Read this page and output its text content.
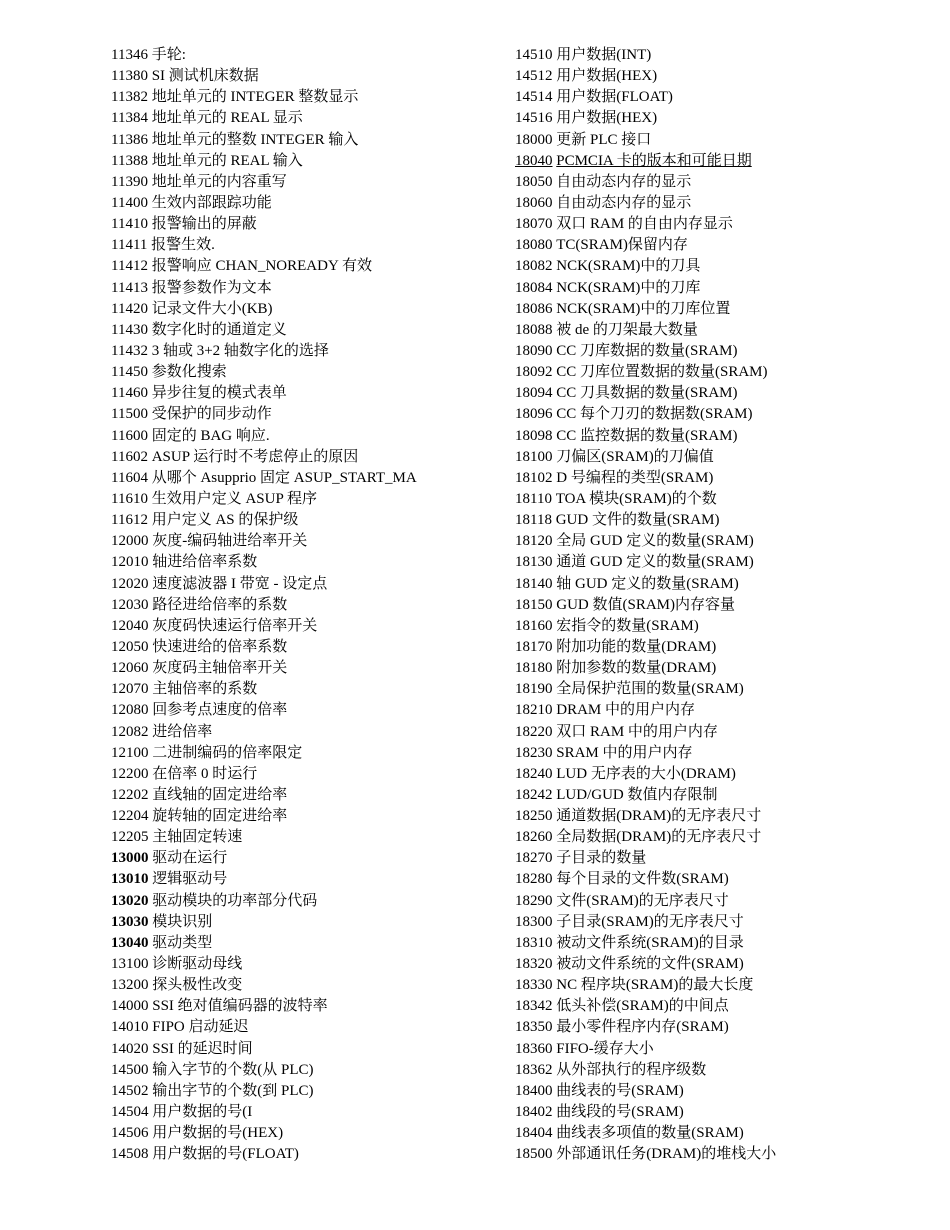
11346 手轮:
11380 SI 测试机床数据
11382 地址单元的 INTEGER 整数显示
11384 地址单元的 REAL 显示
11386 地址单元的整数 INTEGER 输入
11388 地址单元的 REAL 输入
11390 地址单元的内容重写
11400 生效内部跟踪功能
11410 报警输出的屏蔽
11411 报警生效.
11412 报警响应 CHAN_NOREADY 有效
11413 报警参数作为文本
11420 记录文件大小(KB)
11430 数字化时的通道定义
11432 3 轴或 3+2 轴数字化的选择
11450 参数化搜索
11460 异步往复的模式表单
11500 受保护的同步动作
11600 固定的 BAG 响应.
11602 ASUP 运行时不考虑停止的原因
11604 从哪个 Asupprio 固定 ASUP_START_MA
11610 生效用户定义 ASUP 程序
11612 用户定义 AS 的保护级
12000 灰度-编码轴进给率开关
12010 轴进给倍率系数
12020 速度滤波器 I 带宽 - 设定点
12030 路径进给倍率的系数
12040 灰度码快速运行倍率开关
12050 快速进给的倍率系数
12060 灰度码主轴倍率开关
12070 主轴倍率的系数
12080 回参考点速度的倍率
12082 进给倍率
12100 二进制编码的倍率限定
12200 在倍率 0 时运行
12202 直线轴的固定进给率
12204 旋转轴的固定进给率
12205 主轴固定转速
13000 驱动在运行
13010 逻辑驱动号
13020 驱动模块的功率部分代码
13030 模块识别
13040 驱动类型
13100 诊断驱动母线
13200 探头极性改变
14000 SSI 绝对值编码器的波特率
14010 FIPO 启动延迟
14020 SSI 的延迟时间
14500 输入字节的个数(从 PLC)
14502 输出字节的个数(到 PLC)
14504 用户数据的号(I
14506 用户数据的号(HEX)
14508 用户数据的号(FLOAT)
14510 用户数据(INT)
14512 用户数据(HEX)
14514 用户数据(FLOAT)
14516 用户数据(HEX)
18000 更新 PLC 接口
18040 PCMCIA 卡的版本和可能日期
18050 自由动态内存的显示
18060 自由动态内存的显示
18070 双口 RAM 的自由内存显示
18080 TC(SRAM)保留内存
18082 NCK(SRAM)中的刀具
18084 NCK(SRAM)中的刀库
18086 NCK(SRAM)中的刀库位置
18088 被 de 的刀架最大数量
18090 CC 刀库数据的数量(SRAM)
18092 CC 刀库位置数据的数量(SRAM)
18094 CC 刀具数据的数量(SRAM)
18096 CC 每个刀刃的数据数(SRAM)
18098 CC 监控数据的数量(SRAM)
18100 刀偏区(SRAM)的刀偏值
18102 D 号编程的类型(SRAM)
18110 TOA 模块(SRAM)的个数
18118 GUD 文件的数量(SRAM)
18120 全局 GUD 定义的数量(SRAM)
18130 通道 GUD 定义的数量(SRAM)
18140 轴 GUD 定义的数量(SRAM)
18150 GUD 数值(SRAM)内存容量
18160 宏指令的数量(SRAM)
18170 附加功能的数量(DRAM)
18180 附加参数的数量(DRAM)
18190 全局保护范围的数量(SRAM)
18210 DRAM 中的用户内存
18220 双口 RAM 中的用户内存
18230 SRAM 中的用户内存
18240 LUD 无序表的大小(DRAM)
18242 LUD/GUD 数值内存限制
18250 通道数据(DRAM)的无序表尺寸
18260 全局数据(DRAM)的无序表尺寸
18270 子目录的数量
18280 每个目录的文件数(SRAM)
18290 文件(SRAM)的无序表尺寸
18300 子目录(SRAM)的无序表尺寸
18310 被动文件系统(SRAM)的目录
18320 被动文件系统的文件(SRAM)
18330 NC 程序块(SRAM)的最大长度
18342 低头补偿(SRAM)的中间点
18350 最小零件程序内存(SRAM)
18360 FIFO-缓存大小
18362 从外部执行的程序级数
18400 曲线表的号(SRAM)
18402 曲线段的号(SRAM)
18404 曲线表多项值的数量(SRAM)
18500 外部通讯任务(DRAM)的堆栈大小
